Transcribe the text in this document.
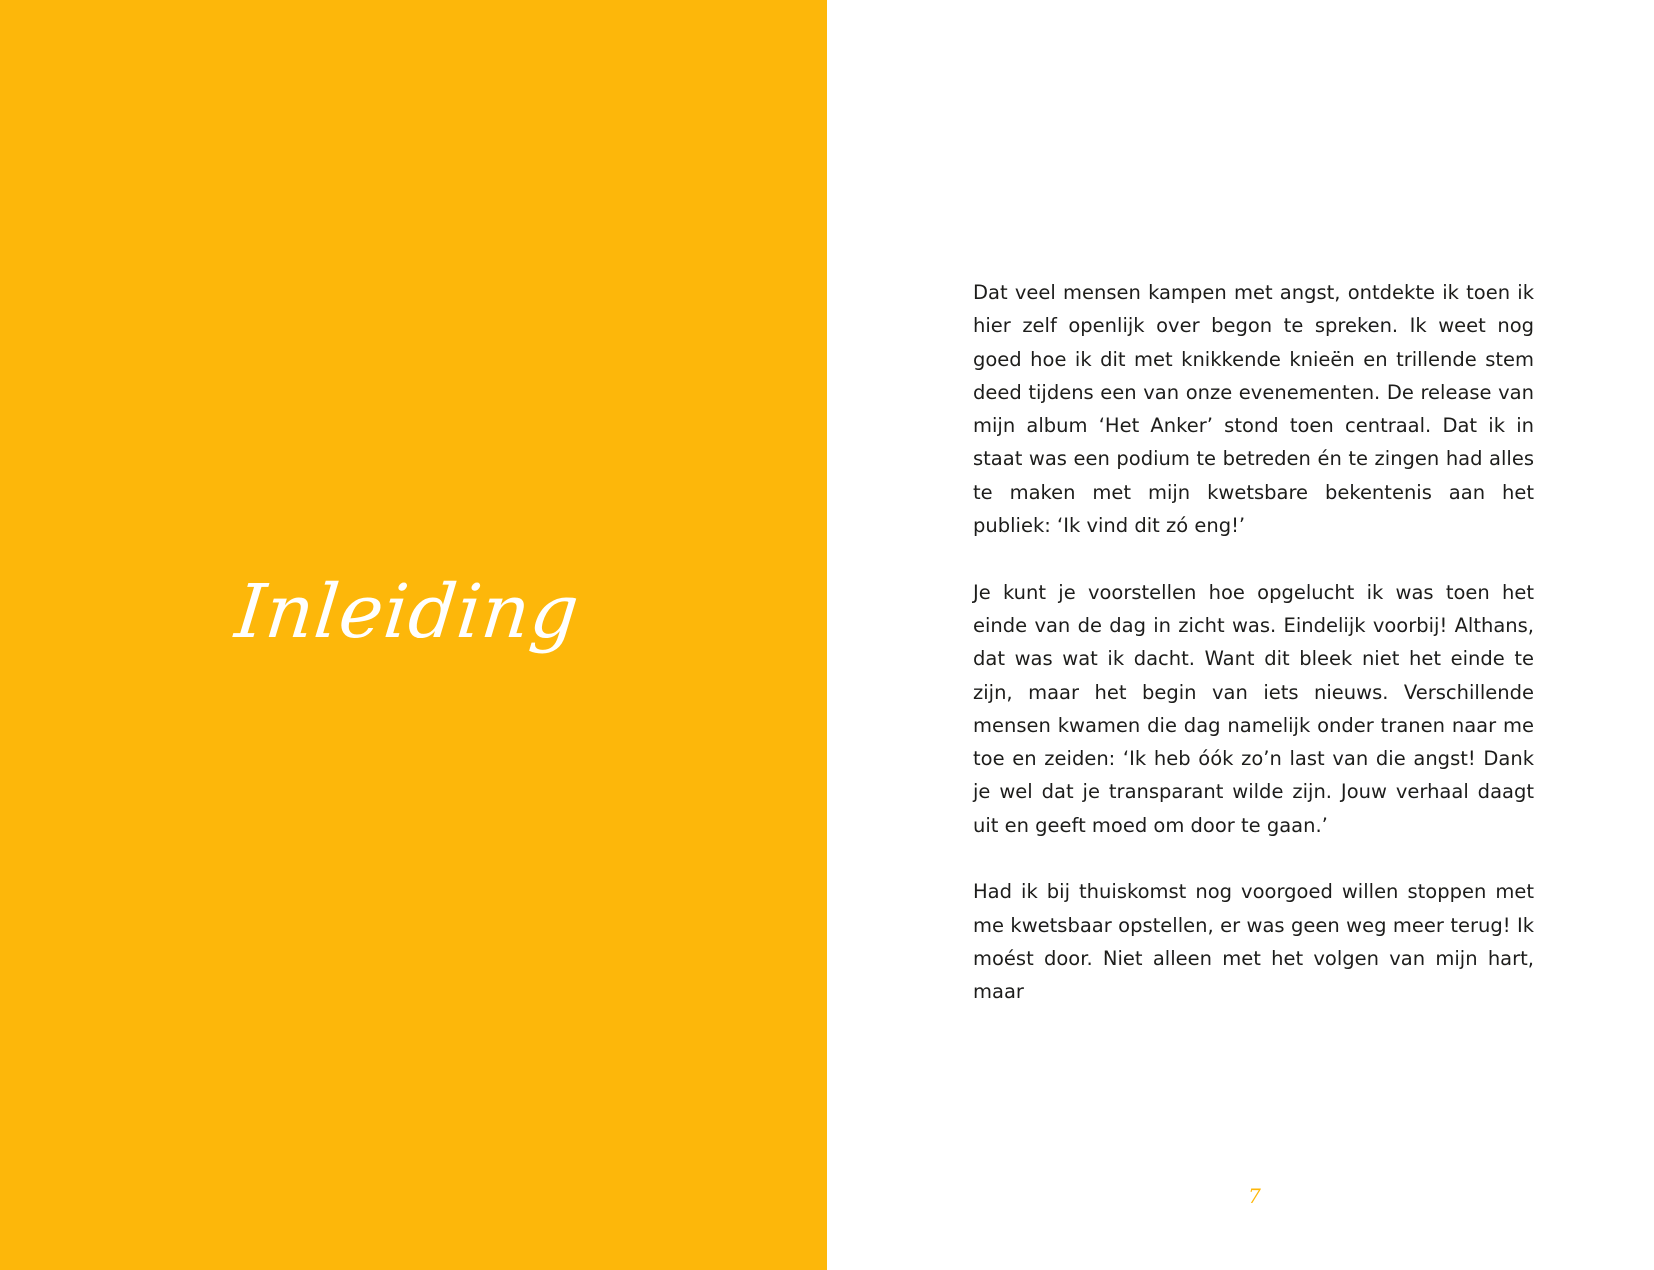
Inleiding

Dat veel mensen kampen met angst, ontdekte ik toen ik hier zelf openlijk over begon te spreken. Ik weet nog goed hoe ik dit met knikkende knieën en trillende stem deed tijdens een van onze evenementen. De release van mijn album ‘Het Anker’ stond toen centraal. Dat ik in staat was een podium te betreden én te zingen had alles te maken met mijn kwetsbare bekentenis aan het publiek: ‘Ik vind dit zó eng!’

Je kunt je voorstellen hoe opgelucht ik was toen het einde van de dag in zicht was. Eindelijk voorbij! Althans, dat was wat ik dacht. Want dit bleek niet het einde te zijn, maar het begin van iets nieuws. Verschillende mensen kwamen die dag namelijk onder tranen naar me toe en zeiden: ‘Ik heb óók zo’n last van die angst! Dank je wel dat je transparant wilde zijn. Jouw verhaal daagt uit en geeft moed om door te gaan.’

Had ik bij thuiskomst nog voorgoed willen stoppen met me kwetsbaar opstellen, er was geen weg meer terug! Ik moést door. Niet alleen met het volgen van mijn hart, maar

7
